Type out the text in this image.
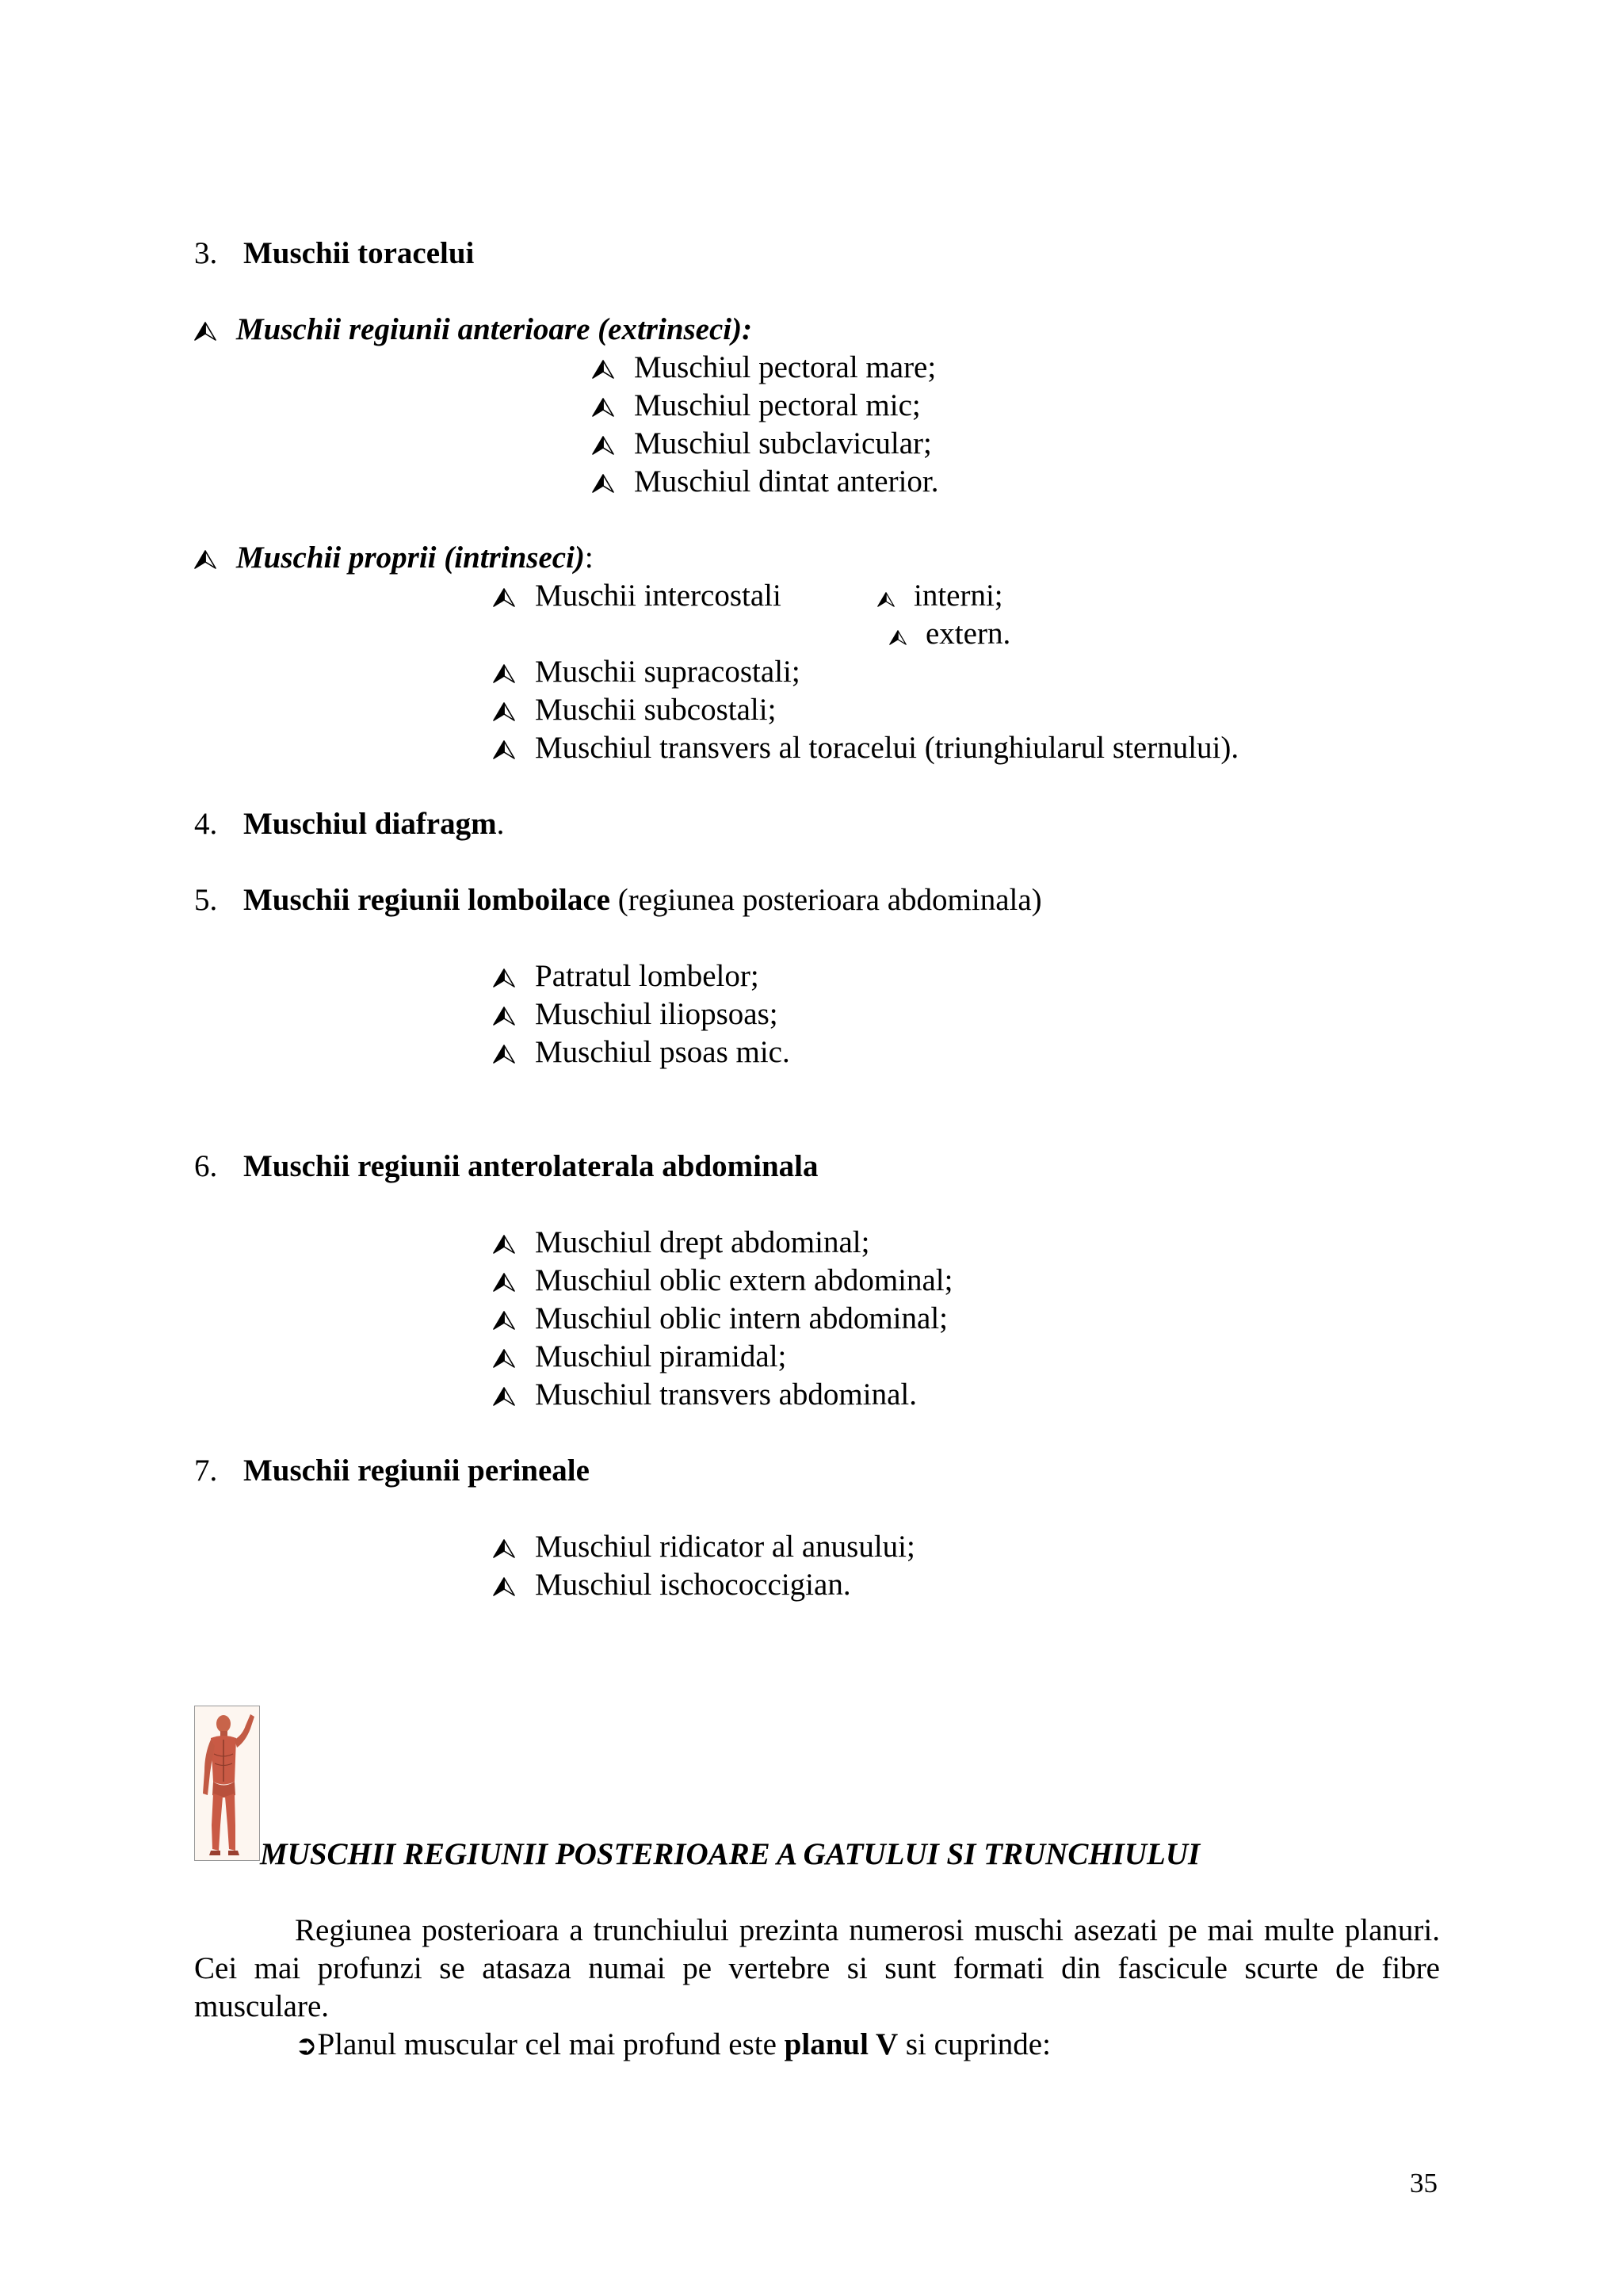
3. Muschii toracelui
Muschii regiunii anterioare (extrinseci):
Muschiul pectoral mare;
Muschiul pectoral mic;
Muschiul subclavicular;
Muschiul dintat anterior.
Muschii proprii (intrinseci):
Muschii intercostali	interni;
extern.
Muschii supracostali;
Muschii subcostali;
Muschiul transvers al toracelui (triunghiularul sternului).
4. Muschiul diafragm.
5. Muschii regiunii lomboilace (regiunea posterioara abdominala)
Patratul lombelor;
Muschiul iliopsoas;
Muschiul psoas mic.
6. Muschii regiunii anterolaterala abdominala
Muschiul drept abdominal;
Muschiul oblic extern abdominal;
Muschiul oblic intern abdominal;
Muschiul piramidal;
Muschiul transvers abdominal.
7. Muschii regiunii perineale
Muschiul ridicator al anusului;
Muschiul ischococcigian.
MUSCHII REGIUNII POSTERIOARE A GATULUI SI TRUNCHIULUI

Regiunea posterioara a trunchiului prezinta numerosi muschi asezati pe mai multe planuri. Cei mai profunzi se atasaza numai pe vertebre si sunt formati din fascicule scurte de fibre musculare.

➲Planul muscular cel mai profund este planul V si cuprinde:

35
